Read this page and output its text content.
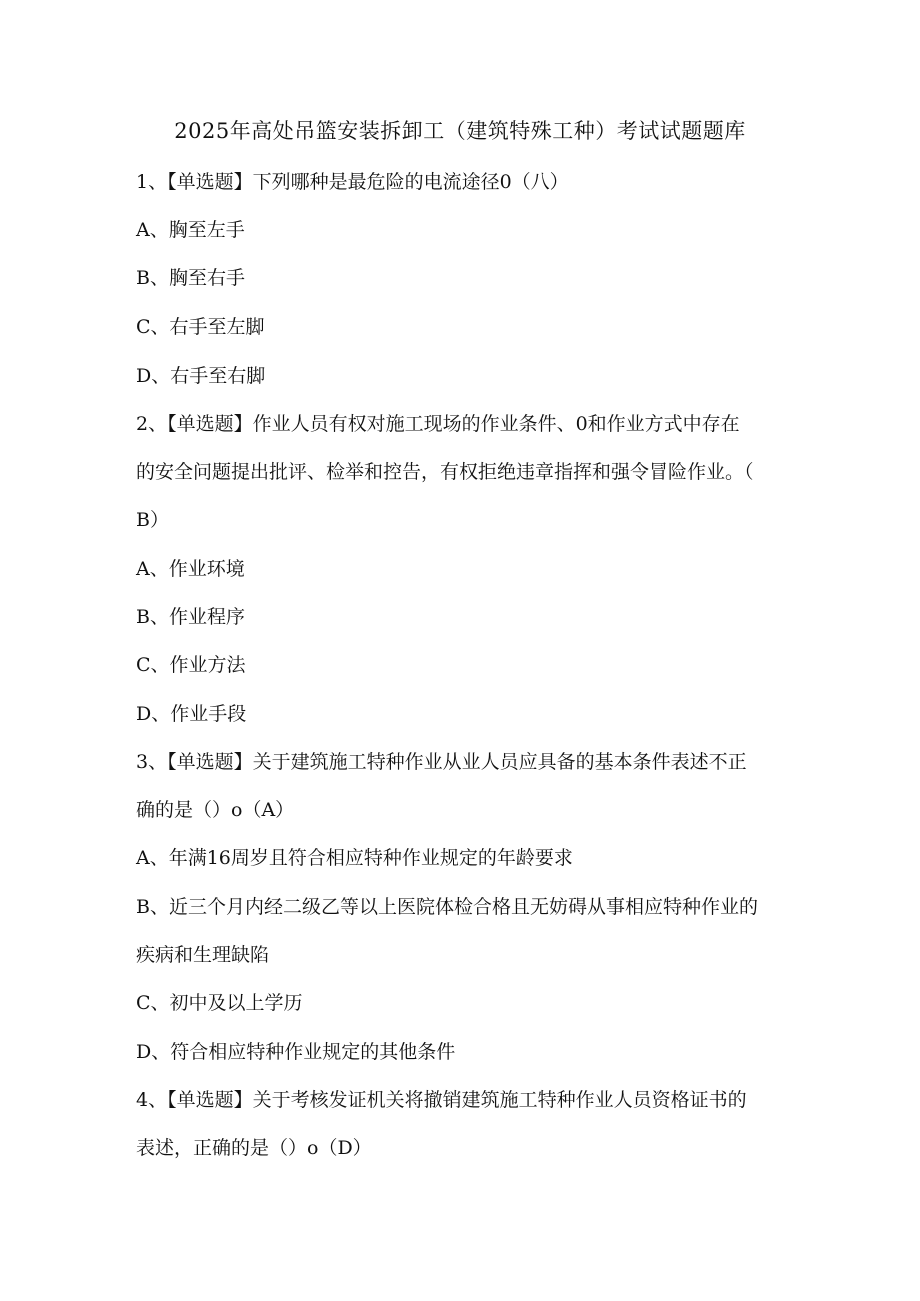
2025年高处吊篮安装拆卸工（建筑特殊工种）考试试题题库
1、【单选题】下列哪种是最危险的电流途径0（八）
A、胸至左手
B、胸至右手
C、右手至左脚
D、右手至右脚
2、【单选题】作业人员有权对施工现场的作业条件、0和作业方式中存在
的安全问题提出批评、检举和控告，有权拒绝违章指挥和强令冒险作业。（
B）
A、作业环境
B、作业程序
C、作业方法
D、作业手段
3、【单选题】关于建筑施工特种作业从业人员应具备的基本条件表述不正
确的是（）o（A）
A、年满16周岁且符合相应特种作业规定的年龄要求
B、近三个月内经二级乙等以上医院体检合格且无妨碍从事相应特种作业的
疾病和生理缺陷
C、初中及以上学历
D、符合相应特种作业规定的其他条件
4、【单选题】关于考核发证机关将撤销建筑施工特种作业人员资格证书的
表述，正确的是（）o（D）
